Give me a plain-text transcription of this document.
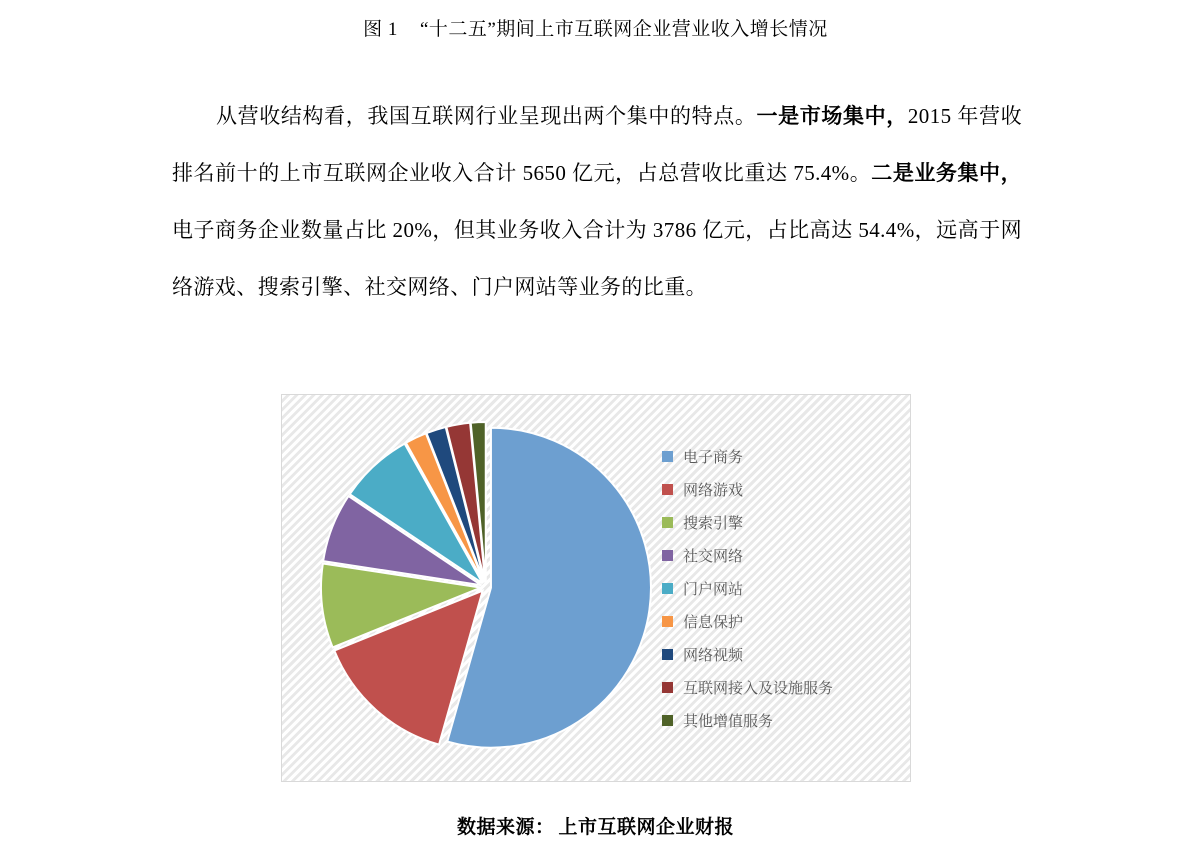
图 1 “十二五”期间上市互联网企业营业收入增长情况
从营收结构看，我国互联网行业呈现出两个集中的特点。一是市场集中，2015 年营收排名前十的上市互联网企业收入合计 5650 亿元，占总营收比重达 75.4%。二是业务集中，电子商务企业数量占比 20%，但其业务收入合计为 3786 亿元，占比高达 54.4%，远高于网络游戏、搜索引擎、社交网络、门户网站等业务的比重。
电子商务
网络游戏
搜索引擎
社交网络
门户网站
信息保护
网络视频
互联网接入及设施服务
其他增值服务
数据来源： 上市互联网企业财报
